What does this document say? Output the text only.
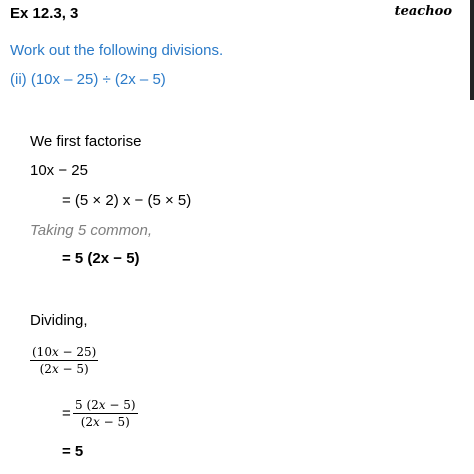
Ex 12.3, 3	teachoo
Work out the following divisions.
(ii) (10x – 25) ÷ (2x – 5)
We first factorise
10x − 25
= (5 × 2) x − (5 × 5)
Taking 5 common,
= 5 (2x − 5)
Dividing,
(10𝑥 − 25)
(2𝑥 − 5)
= 5 (2𝑥 − 5)
(2𝑥 − 5)
= 5
